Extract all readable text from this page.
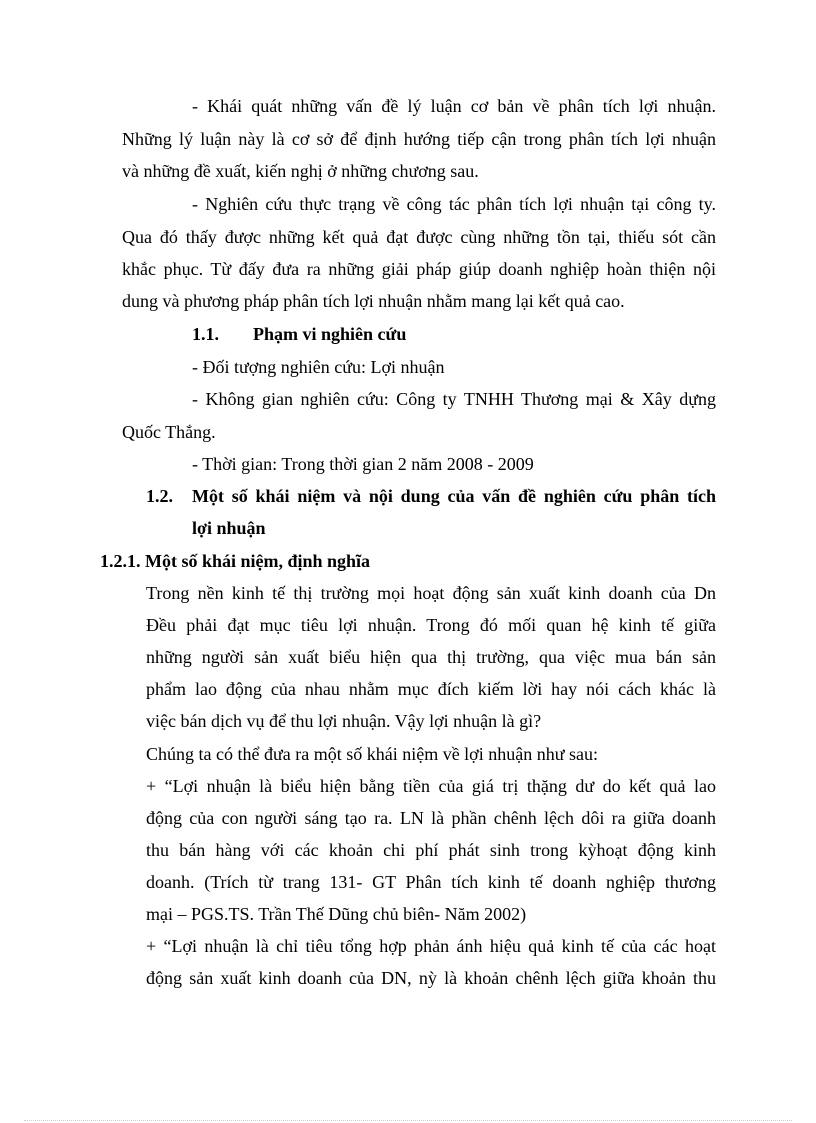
- Khái quát những vấn đề lý luận cơ bản về phân tích lợi nhuận.
Những lý luận này là cơ sở để định hướng tiếp cận trong phân tích lợi nhuận
và những đề xuất, kiến nghị ở những chương sau.
- Nghiên cứu thực trạng về công tác phân tích lợi nhuận tại công ty.
Qua đó thấy được những kết quả đạt được cùng những tồn tại, thiếu sót cần
khắc phục. Từ đấy đưa ra những giải pháp giúp doanh nghiệp hoàn thiện nội
dung và phương pháp phân tích lợi nhuận nhằm mang lại kết quả cao.
1.1. Phạm vi nghiên cứu
- Đối tượng nghiên cứu: Lợi nhuận
- Không gian nghiên cứu: Công ty TNHH Thương mại & Xây dựng
Quốc Thắng.
- Thời gian: Trong thời gian 2 năm 2008 - 2009
1.2. Một số khái niệm và nội dung của vấn đề nghiên cứu phân tích
lợi nhuận
1.2.1. Một số khái niệm, định nghĩa
Trong nền kinh tế thị trường mọi hoạt động sản xuất kinh doanh của Dn
Đều phải đạt mục tiêu lợi nhuận. Trong đó mối quan hệ kinh tế giữa
những người sản xuất biểu hiện qua thị trường, qua việc mua bán sản
phẩm lao động của nhau nhằm mục đích kiếm lời hay nói cách khác là
việc bán dịch vụ để thu lợi nhuận. Vậy lợi nhuận là gì?
Chúng ta có thể đưa ra một số khái niệm về lợi nhuận như sau:
+ “Lợi nhuận là biểu hiện bằng tiền của giá trị thặng dư do kết quả lao
động của con người sáng tạo ra. LN là phần chênh lệch dôi ra giữa doanh
thu bán hàng với các khoản chi phí phát sinh trong kỳhoạt động kinh
doanh. (Trích từ trang 131- GT Phân tích kinh tế doanh nghiệp thương
mại – PGS.TS. Trần Thế Dũng chủ biên- Năm 2002)
+ “Lợi nhuận là chỉ tiêu tổng hợp phản ánh hiệu quả kinh tế của các hoạt
động sản xuất kinh doanh của DN, nỳ là khoản chênh lệch giữa khoản thu
